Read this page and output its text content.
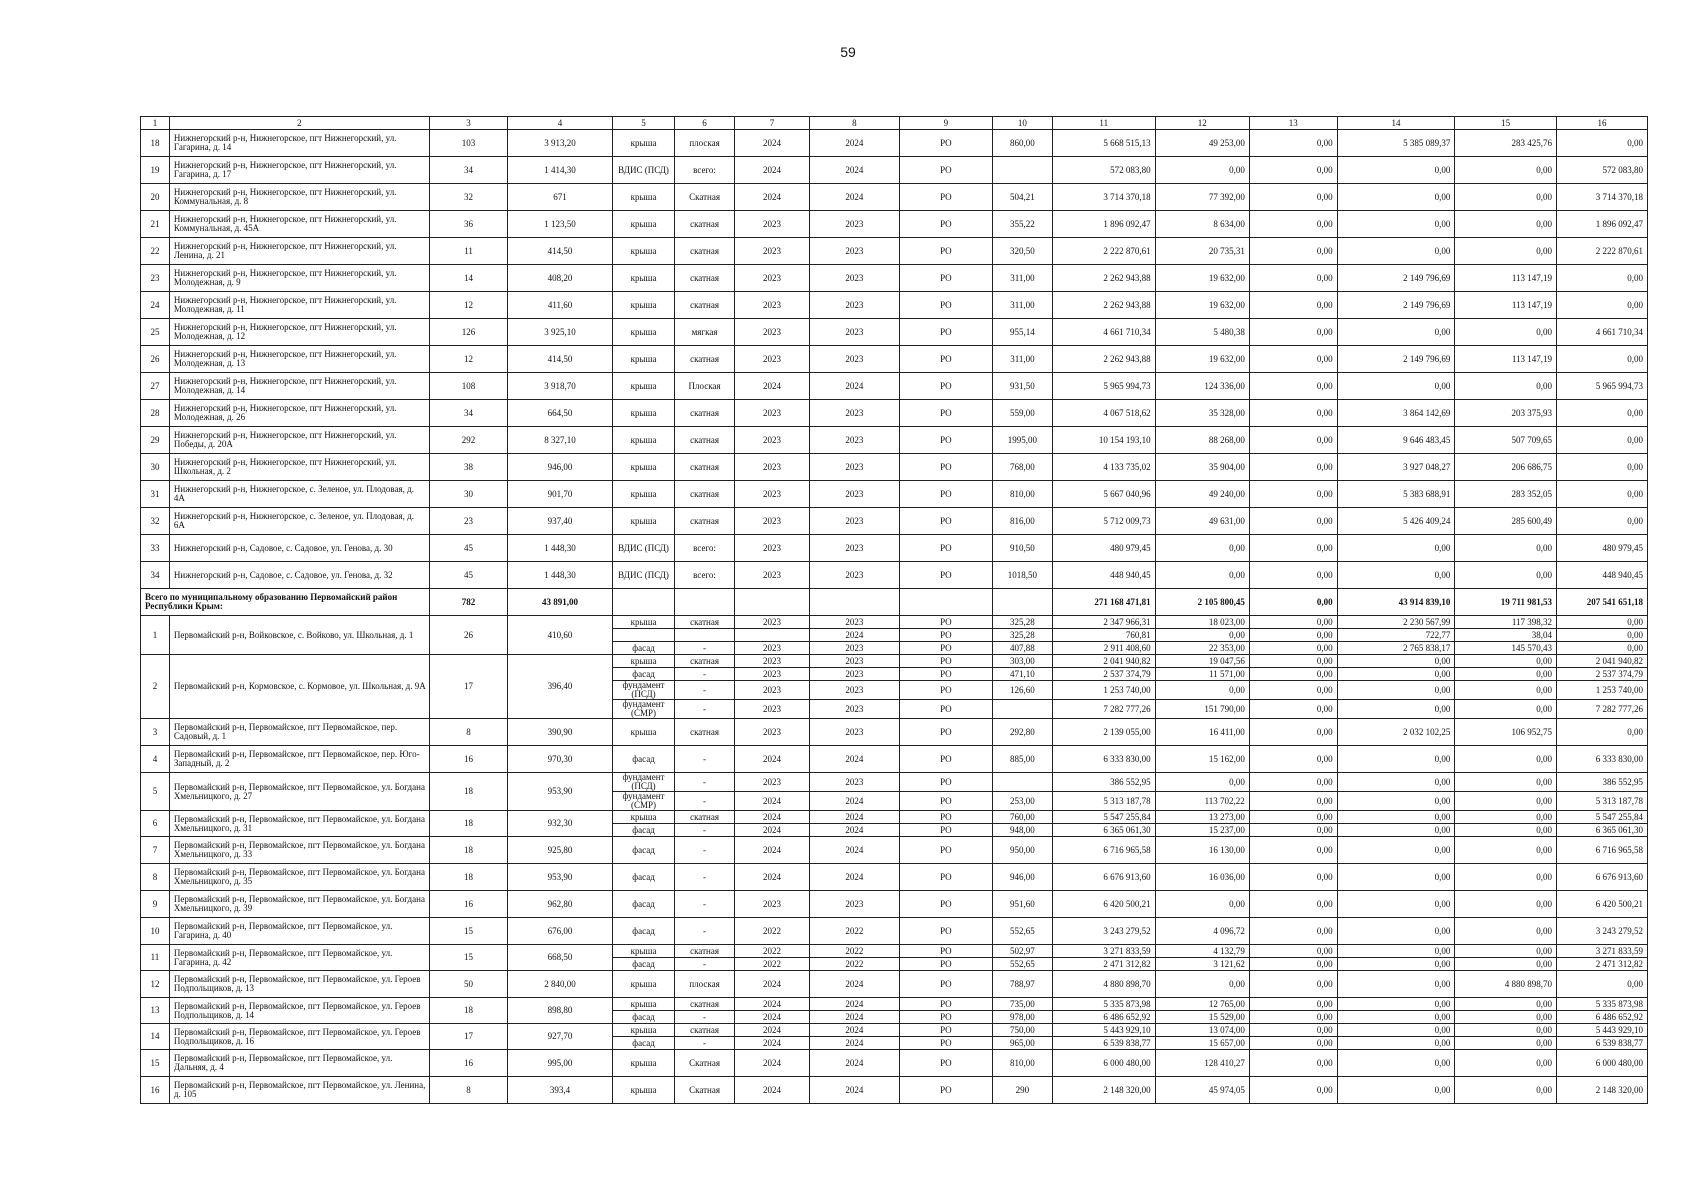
59
1	2	3	4	5	6	7	8	9	10	11	12	13	14	15	16
18	Нижнегорский р-н, Нижнегорское, пгт Нижнегорский, ул. Гагарина, д. 14	103	3 913,20	крыша	плоская	2024	2024	РО	860,00	5 668 515,13	49 253,00	0,00	5 385 089,37	283 425,76	0,00
19	Нижнегорский р-н, Нижнегорское, пгт Нижнегорский, ул. Гагарина, д. 17	34	1 414,30	ВДИС (ПСД)	всего:	2024	2024	РО		572 083,80	0,00	0,00	0,00	0,00	572 083,80
20	Нижнегорский р-н, Нижнегорское, пгт Нижнегорский, ул. Коммунальная, д. 8	32	671	крыша	Скатная	2024	2024	РО	504,21	3 714 370,18	77 392,00	0,00	0,00	0,00	3 714 370,18
21	Нижнегорский р-н, Нижнегорское, пгт Нижнегорский, ул. Коммунальная, д. 45А	36	1 123,50	крыша	скатная	2023	2023	РО	355,22	1 896 092,47	8 634,00	0,00	0,00	0,00	1 896 092,47
22	Нижнегорский р-н, Нижнегорское, пгт Нижнегорский, ул. Ленина, д. 21	11	414,50	крыша	скатная	2023	2023	РО	320,50	2 222 870,61	20 735,31	0,00	0,00	0,00	2 222 870,61
23	Нижнегорский р-н, Нижнегорское, пгт Нижнегорский, ул. Молодежная, д. 9	14	408,20	крыша	скатная	2023	2023	РО	311,00	2 262 943,88	19 632,00	0,00	2 149 796,69	113 147,19	0,00
24	Нижнегорский р-н, Нижнегорское, пгт Нижнегорский, ул. Молодежная, д. 11	12	411,60	крыша	скатная	2023	2023	РО	311,00	2 262 943,88	19 632,00	0,00	2 149 796,69	113 147,19	0,00
25	Нижнегорский р-н, Нижнегорское, пгт Нижнегорский, ул. Молодежная, д. 12	126	3 925,10	крыша	мягкая	2023	2023	РО	955,14	4 661 710,34	5 480,38	0,00	0,00	0,00	4 661 710,34
26	Нижнегорский р-н, Нижнегорское, пгт Нижнегорский, ул. Молодежная, д. 13	12	414,50	крыша	скатная	2023	2023	РО	311,00	2 262 943,88	19 632,00	0,00	2 149 796,69	113 147,19	0,00
27	Нижнегорский р-н, Нижнегорское, пгт Нижнегорский, ул. Молодежная, д. 14	108	3 918,70	крыша	Плоская	2024	2024	РО	931,50	5 965 994,73	124 336,00	0,00	0,00	0,00	5 965 994,73
28	Нижнегорский р-н, Нижнегорское, пгт Нижнегорский, ул. Молодежная, д. 26	34	664,50	крыша	скатная	2023	2023	РО	559,00	4 067 518,62	35 328,00	0,00	3 864 142,69	203 375,93	0,00
29	Нижнегорский р-н, Нижнегорское, пгт Нижнегорский, ул. Победы, д. 20А	292	8 327,10	крыша	скатная	2023	2023	РО	1995,00	10 154 193,10	88 268,00	0,00	9 646 483,45	507 709,65	0,00
30	Нижнегорский р-н, Нижнегорское, пгт Нижнегорский, ул. Школьная, д. 2	38	946,00	крыша	скатная	2023	2023	РО	768,00	4 133 735,02	35 904,00	0,00	3 927 048,27	206 686,75	0,00
31	Нижнегорский р-н, Нижнегорское, с. Зеленое, ул. Плодовая, д. 4А	30	901,70	крыша	скатная	2023	2023	РО	810,00	5 667 040,96	49 240,00	0,00	5 383 688,91	283 352,05	0,00
32	Нижнегорский р-н, Нижнегорское, с. Зеленое, ул. Плодовая, д. 6А	23	937,40	крыша	скатная	2023	2023	РО	816,00	5 712 009,73	49 631,00	0,00	5 426 409,24	285 600,49	0,00
33	Нижнегорский р-н, Садовое, с. Садовое, ул. Генова, д. 30	45	1 448,30	ВДИС (ПСД)	всего:	2023	2023	РО	910,50	480 979,45	0,00	0,00	0,00	0,00	480 979,45
34	Нижнегорский р-н, Садовое, с. Садовое, ул. Генова, д. 32	45	1 448,30	ВДИС (ПСД)	всего:	2023	2023	РО	1018,50	448 940,45	0,00	0,00	0,00	0,00	448 940,45
Всего по муниципальному образованию Первомайский район Республики Крым:		782	43 891,00							271 168 471,81	2 105 800,45	0,00	43 914 839,10	19 711 981,53	207 541 651,18
1	Первомайский р-н, Войковское, с. Войково, ул. Школьная, д. 1	26	410,60	крыша	скатная	2023	2023	РО	325,28	2 347 966,31	18 023,00	0,00	2 230 567,99	117 398,32	0,00
							2024	РО	325,28	760,81	0,00	0,00	722,77	38,04	0,00
				фасад	-	2023	2023	РО	407,88	2 911 408,60	22 353,00	0,00	2 765 838,17	145 570,43	0,00
2	Первомайский р-н, Кормовское, с. Кормовое, ул. Школьная, д. 9А	17	396,40	крыша	скатная	2023	2023	РО	303,00	2 041 940,82	19 047,56	0,00	0,00	0,00	2 041 940,82
				фасад	-	2023	2023	РО	471,10	2 537 374,79	11 571,00	0,00	0,00	0,00	2 537 374,79
				фундамент (ПСД)	-	2023	2023	РО	126,60	1 253 740,00	0,00	0,00	0,00	0,00	1 253 740,00
				фундамент (СМР)	-	2023	2023	РО		7 282 777,26	151 790,00	0,00	0,00	0,00	7 282 777,26
3	Первомайский р-н, Первомайское, пгт Первомайское, пер. Садовый, д. 1	8	390,90	крыша	скатная	2023	2023	РО	292,80	2 139 055,00	16 411,00	0,00	2 032 102,25	106 952,75	0,00
4	Первомайский р-н, Первомайское, пгт Первомайское, пер. Юго-Западный, д. 2	16	970,30	фасад	-	2024	2024	РО	885,00	6 333 830,00	15 162,00	0,00	0,00	0,00	6 333 830,00
5	Первомайский р-н, Первомайское, пгт Первомайское, ул. Богдана Хмельницкого, д. 27	18	953,90	фундамент (ПСД)	-	2023	2023	РО		386 552,95	0,00	0,00	0,00	0,00	386 552,95
				фундамент (СМР)	-	2024	2024	РО	253,00	5 313 187,78	113 702,22	0,00	0,00	0,00	5 313 187,78
6	Первомайский р-н, Первомайское, пгт Первомайское, ул. Богдана Хмельницкого, д. 31	18	932,30	крыша	скатная	2024	2024	РО	760,00	5 547 255,84	13 273,00	0,00	0,00	0,00	5 547 255,84
				фасад	-	2024	2024	РО	948,00	6 365 061,30	15 237,00	0,00	0,00	0,00	6 365 061,30
7	Первомайский р-н, Первомайское, пгт Первомайское, ул. Богдана Хмельницкого, д. 33	18	925,80	фасад	-	2024	2024	РО	950,00	6 716 965,58	16 130,00	0,00	0,00	0,00	6 716 965,58
8	Первомайский р-н, Первомайское, пгт Первомайское, ул. Богдана Хмельницкого, д. 35	18	953,90	фасад	-	2024	2024	РО	946,00	6 676 913,60	16 036,00	0,00	0,00	0,00	6 676 913,60
9	Первомайский р-н, Первомайское, пгт Первомайское, ул. Богдана Хмельницкого, д. 39	16	962,80	фасад	-	2023	2023	РО	951,60	6 420 500,21	0,00	0,00	0,00	0,00	6 420 500,21
10	Первомайский р-н, Первомайское, пгт Первомайское, ул. Гагарина, д. 40	15	676,00	фасад	-	2022	2022	РО	552,65	3 243 279,52	4 096,72	0,00	0,00	0,00	3 243 279,52
11	Первомайский р-н, Первомайское, пгт Первомайское, ул. Гагарина, д. 42	15	668,50	крыша	скатная	2022	2022	РО	502,97	3 271 833,59	4 132,79	0,00	0,00	0,00	3 271 833,59
				фасад	-	2022	2022	РО	552,65	2 471 312,82	3 121,62	0,00	0,00	0,00	2 471 312,82
12	Первомайский р-н, Первомайское, пгт Первомайское, ул. Героев Подпольщиков, д. 13	50	2 840,00	крыша	плоская	2024	2024	РО	788,97	4 880 898,70	0,00	0,00	0,00	4 880 898,70	0,00
13	Первомайский р-н, Первомайское, пгт Первомайское, ул. Героев Подпольщиков, д. 14	18	898,80	крыша	скатная	2024	2024	РО	735,00	5 335 873,98	12 765,00	0,00	0,00	0,00	5 335 873,98
				фасад	-	2024	2024	РО	978,00	6 486 652,92	15 529,00	0,00	0,00	0,00	6 486 652,92
14	Первомайский р-н, Первомайское, пгт Первомайское, ул. Героев Подпольщиков, д. 16	17	927,70	крыша	скатная	2024	2024	РО	750,00	5 443 929,10	13 074,00	0,00	0,00	0,00	5 443 929,10
				фасад	-	2024	2024	РО	965,00	6 539 838,77	15 657,00	0,00	0,00	0,00	6 539 838,77
15	Первомайский р-н, Первомайское, пгт Первомайское, ул. Дальняя, д. 4	16	995,00	крыша	Скатная	2024	2024	РО	810,00	6 000 480,00	128 410,27	0,00	0,00	0,00	6 000 480,00
16	Первомайский р-н, Первомайское, пгт Первомайское, ул. Ленина, д. 105	8	393,4	крыша	Скатная	2024	2024	РО	290	2 148 320,00	45 974,05	0,00	0,00	0,00	2 148 320,00
